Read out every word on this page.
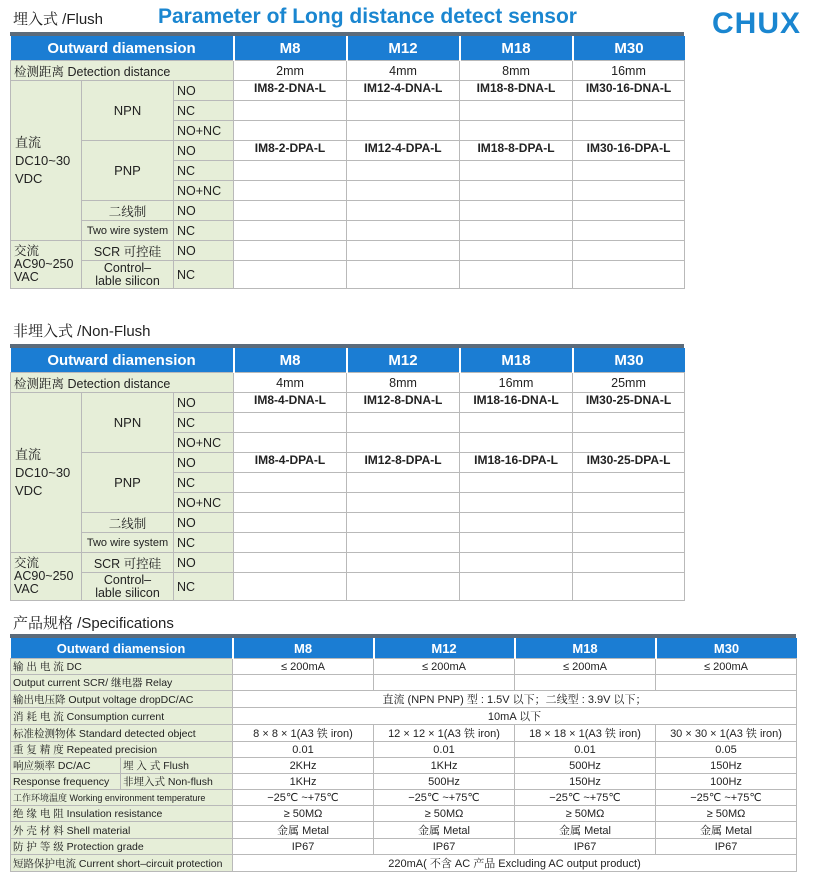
埋入式 /Flush	Parameter of Long distance detect sensor	CHUX
Outward diamension			M8	M12	M18	M30
检测距离 Detection distance			2mm	4mm	8mm	16mm
直流
DC10~30
VDC	NPN	NO	IM8-2-DNA-L	IM12-4-DNA-L	IM18-8-DNA-L	IM30-16-DNA-L
		NC				
		NO+NC				
	PNP	NO	IM8-2-DPA-L	IM12-4-DPA-L	IM18-8-DPA-L	IM30-16-DPA-L
		NC				
		NO+NC				
	二线制	NO				
	Two wire system	NC				
交流
AC90~250
VAC	SCR 可控硅	NO				
	Control–
lable silicon	NC				
非埋入式 /Non-Flush
Outward diamension			M8	M12	M18	M30
检测距离 Detection distance			4mm	8mm	16mm	25mm
直流
DC10~30
VDC	NPN	NO	IM8-4-DNA-L	IM12-8-DNA-L	IM18-16-DNA-L	IM30-25-DNA-L
		NC				
		NO+NC				
	PNP	NO	IM8-4-DPA-L	IM12-8-DPA-L	IM18-16-DPA-L	IM30-25-DPA-L
		NC				
		NO+NC				
	二线制	NO				
	Two wire system	NC				
交流
AC90~250
VAC	SCR 可控硅	NO				
	Control–
lable silicon	NC				
产品规格 /Specifications
Outward diamension		M8	M12	M18	M30
输 出 电 流 DC		≤ 200mA	≤ 200mA	≤ 200mA	≤ 200mA
Output current SCR/ 继电器 Relay					
输出电压降 Output voltage dropDC/AC		直流 (NPN PNP) 型 : 1.5V 以下；二线型 : 3.9V 以下；			
消 耗 电 流 Consumption current		10mA 以下			
标准检测物体 Standard detected object		8 × 8 × 1(A3 铁 iron)	12 × 12 × 1(A3 铁 iron)	18 × 18 × 1(A3 铁 iron)	30 × 30 × 1(A3 铁 iron)
重 复 精 度 Repeated precision		0.01	0.01	0.01	0.05
响应频率 DC/AC	埋 入 式 Flush	2KHz	1KHz	500Hz	150Hz
Response frequency	非埋入式 Non-flush	1KHz	500Hz	150Hz	100Hz
工作环境温度 Working environment temperature		−25℃ ~+75℃	−25℃ ~+75℃	−25℃ ~+75℃	−25℃ ~+75℃
绝 缘 电 阻 Insulation resistance		≥ 50MΩ	≥ 50MΩ	≥ 50MΩ	≥ 50MΩ
外 壳 材 料 Shell material		金属 Metal	金属 Metal	金属 Metal	金属 Metal
防 护 等 级 Protection grade		IP67	IP67	IP67	IP67
短路保护电流 Current short–circuit protection		220mA( 不含 AC 产品 Excluding AC output product)			
